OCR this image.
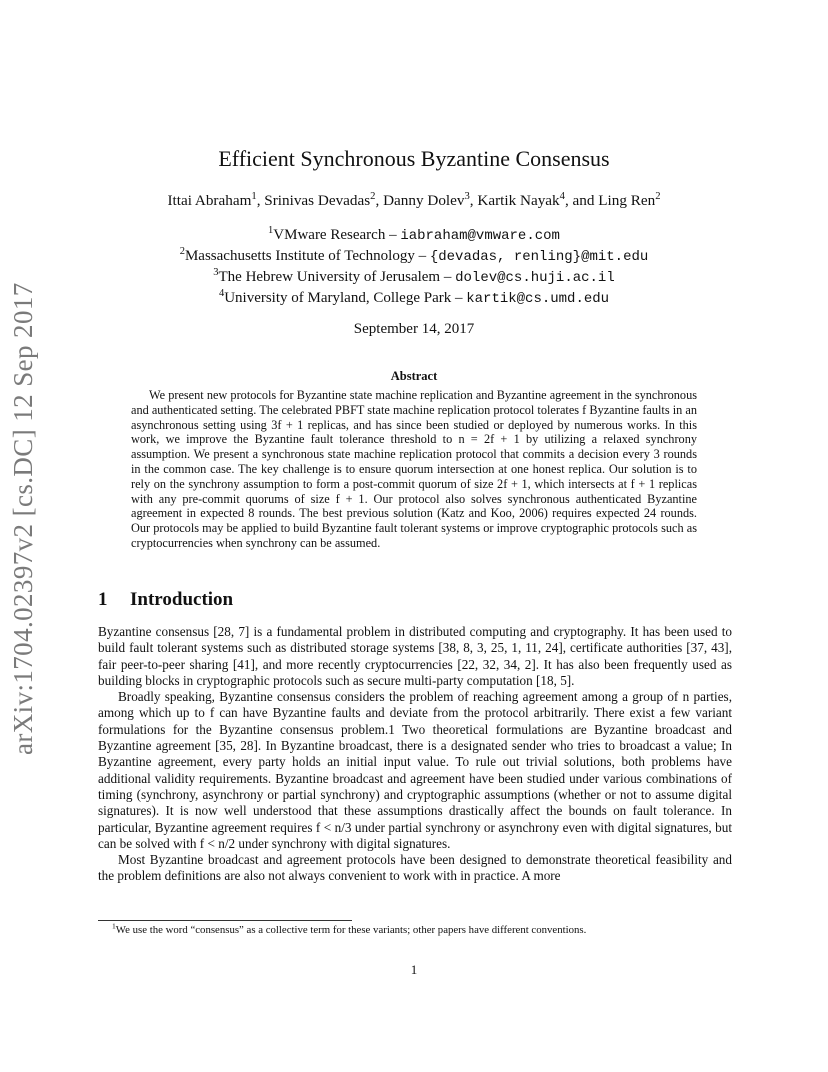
arXiv:1704.02397v2 [cs.DC] 12 Sep 2017
Efficient Synchronous Byzantine Consensus
Ittai Abraham$^1$, Srinivas Devadas$^2$, Danny Dolev$^3$, Kartik Nayak$^4$, and Ling Ren$^2$
$^1$VMware Research – iabraham@vmware.com
$^2$Massachusetts Institute of Technology – {devadas, renling}@mit.edu
$^3$The Hebrew University of Jerusalem – dolev@cs.huji.ac.il
$^4$University of Maryland, College Park – kartik@cs.umd.edu
September 14, 2017
Abstract
We present new protocols for Byzantine state machine replication and Byzantine agreement in the synchronous and authenticated setting. The celebrated PBFT state machine replication protocol tolerates f Byzantine faults in an asynchronous setting using 3f + 1 replicas, and has since been studied or deployed by numerous works. In this work, we improve the Byzantine fault tolerance threshold to n = 2f + 1 by utilizing a relaxed synchrony assumption. We present a synchronous state machine replication protocol that commits a decision every 3 rounds in the common case. The key challenge is to ensure quorum intersection at one honest replica. Our solution is to rely on the synchrony assumption to form a post-commit quorum of size 2f + 1, which intersects at f + 1 replicas with any pre-commit quorums of size f + 1. Our protocol also solves synchronous authenticated Byzantine agreement in expected 8 rounds. The best previous solution (Katz and Koo, 2006) requires expected 24 rounds. Our protocols may be applied to build Byzantine fault tolerant systems or improve cryptographic protocols such as cryptocurrencies when synchrony can be assumed.
1 Introduction

Byzantine consensus [28, 7] is a fundamental problem in distributed computing and cryptography. It has been used to build fault tolerant systems such as distributed storage systems [38, 8, 3, 25, 1, 11, 24], certificate authorities [37, 43], fair peer-to-peer sharing [41], and more recently cryptocurrencies [22, 32, 34, 2]. It has also been frequently used as building blocks in cryptographic protocols such as secure multi-party computation [18, 5].

Broadly speaking, Byzantine consensus considers the problem of reaching agreement among a group of n parties, among which up to f can have Byzantine faults and deviate from the protocol arbitrarily. There exist a few variant formulations for the Byzantine consensus problem.1 Two theoretical formulations are Byzantine broadcast and Byzantine agreement [35, 28]. In Byzantine broadcast, there is a designated sender who tries to broadcast a value; In Byzantine agreement, every party holds an initial input value. To rule out trivial solutions, both problems have additional validity requirements. Byzantine broadcast and agreement have been studied under various combinations of timing (synchrony, asynchrony or partial synchrony) and cryptographic assumptions (whether or not to assume digital signatures). It is now well understood that these assumptions drastically affect the bounds on fault tolerance. In particular, Byzantine agreement requires f < n/3 under partial synchrony or asynchrony even with digital signatures, but can be solved with f < n/2 under synchrony with digital signatures.

Most Byzantine broadcast and agreement protocols have been designed to demonstrate theoretical feasibility and the problem definitions are also not always convenient to work with in practice. A more

$^1$We use the word “consensus” as a collective term for these variants; other papers have different conventions.
1
